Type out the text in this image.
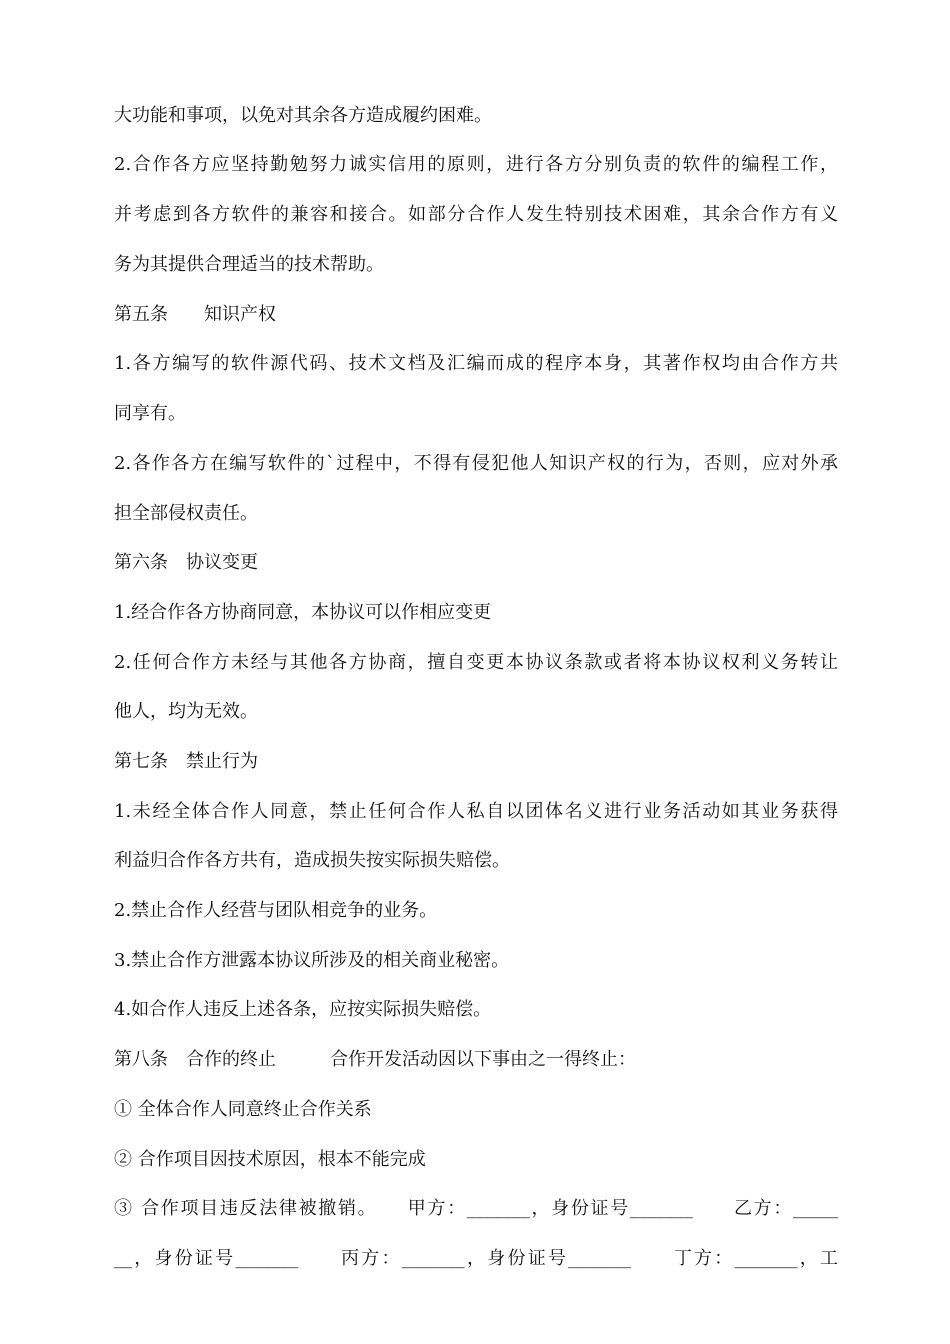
大功能和事项，以免对其余各方造成履约困难。
2.合作各方应坚持勤勉努力诚实信用的原则，进行各方分别负责的软件的编程工作，
并考虑到各方软件的兼容和接合。如部分合作人发生特别技术困难，其余合作方有义
务为其提供合理适当的技术帮助。
第五条　　知识产权
1.各方编写的软件源代码、技术文档及汇编而成的程序本身，其著作权均由合作方共
同享有。
2.各作各方在编写软件的`过程中，不得有侵犯他人知识产权的行为，否则，应对外承
担全部侵权责任。
第六条　协议变更
1.经合作各方协商同意，本协议可以作相应变更
2.任何合作方未经与其他各方协商，擅自变更本协议条款或者将本协议权利义务转让
他人，均为无效。
第七条　禁止行为
1.未经全体合作人同意，禁止任何合作人私自以团体名义进行业务活动如其业务获得
利益归合作各方共有，造成损失按实际损失赔偿。
2.禁止合作人经营与团队相竞争的业务。
3.禁止合作方泄露本协议所涉及的相关商业秘密。
4.如合作人违反上述各条，应按实际损失赔偿。
第八条　合作的终止　　　合作开发活动因以下事由之一得终止：
① 全体合作人同意终止合作关系
② 合作项目因技术原因，根本不能完成
③ 合作项目违反法律被撤销。　　甲方：_______，身份证号_______　　乙方：_____
__，身份证号_______　　丙方：_______，身份证号_______　　丁方：_______，工
